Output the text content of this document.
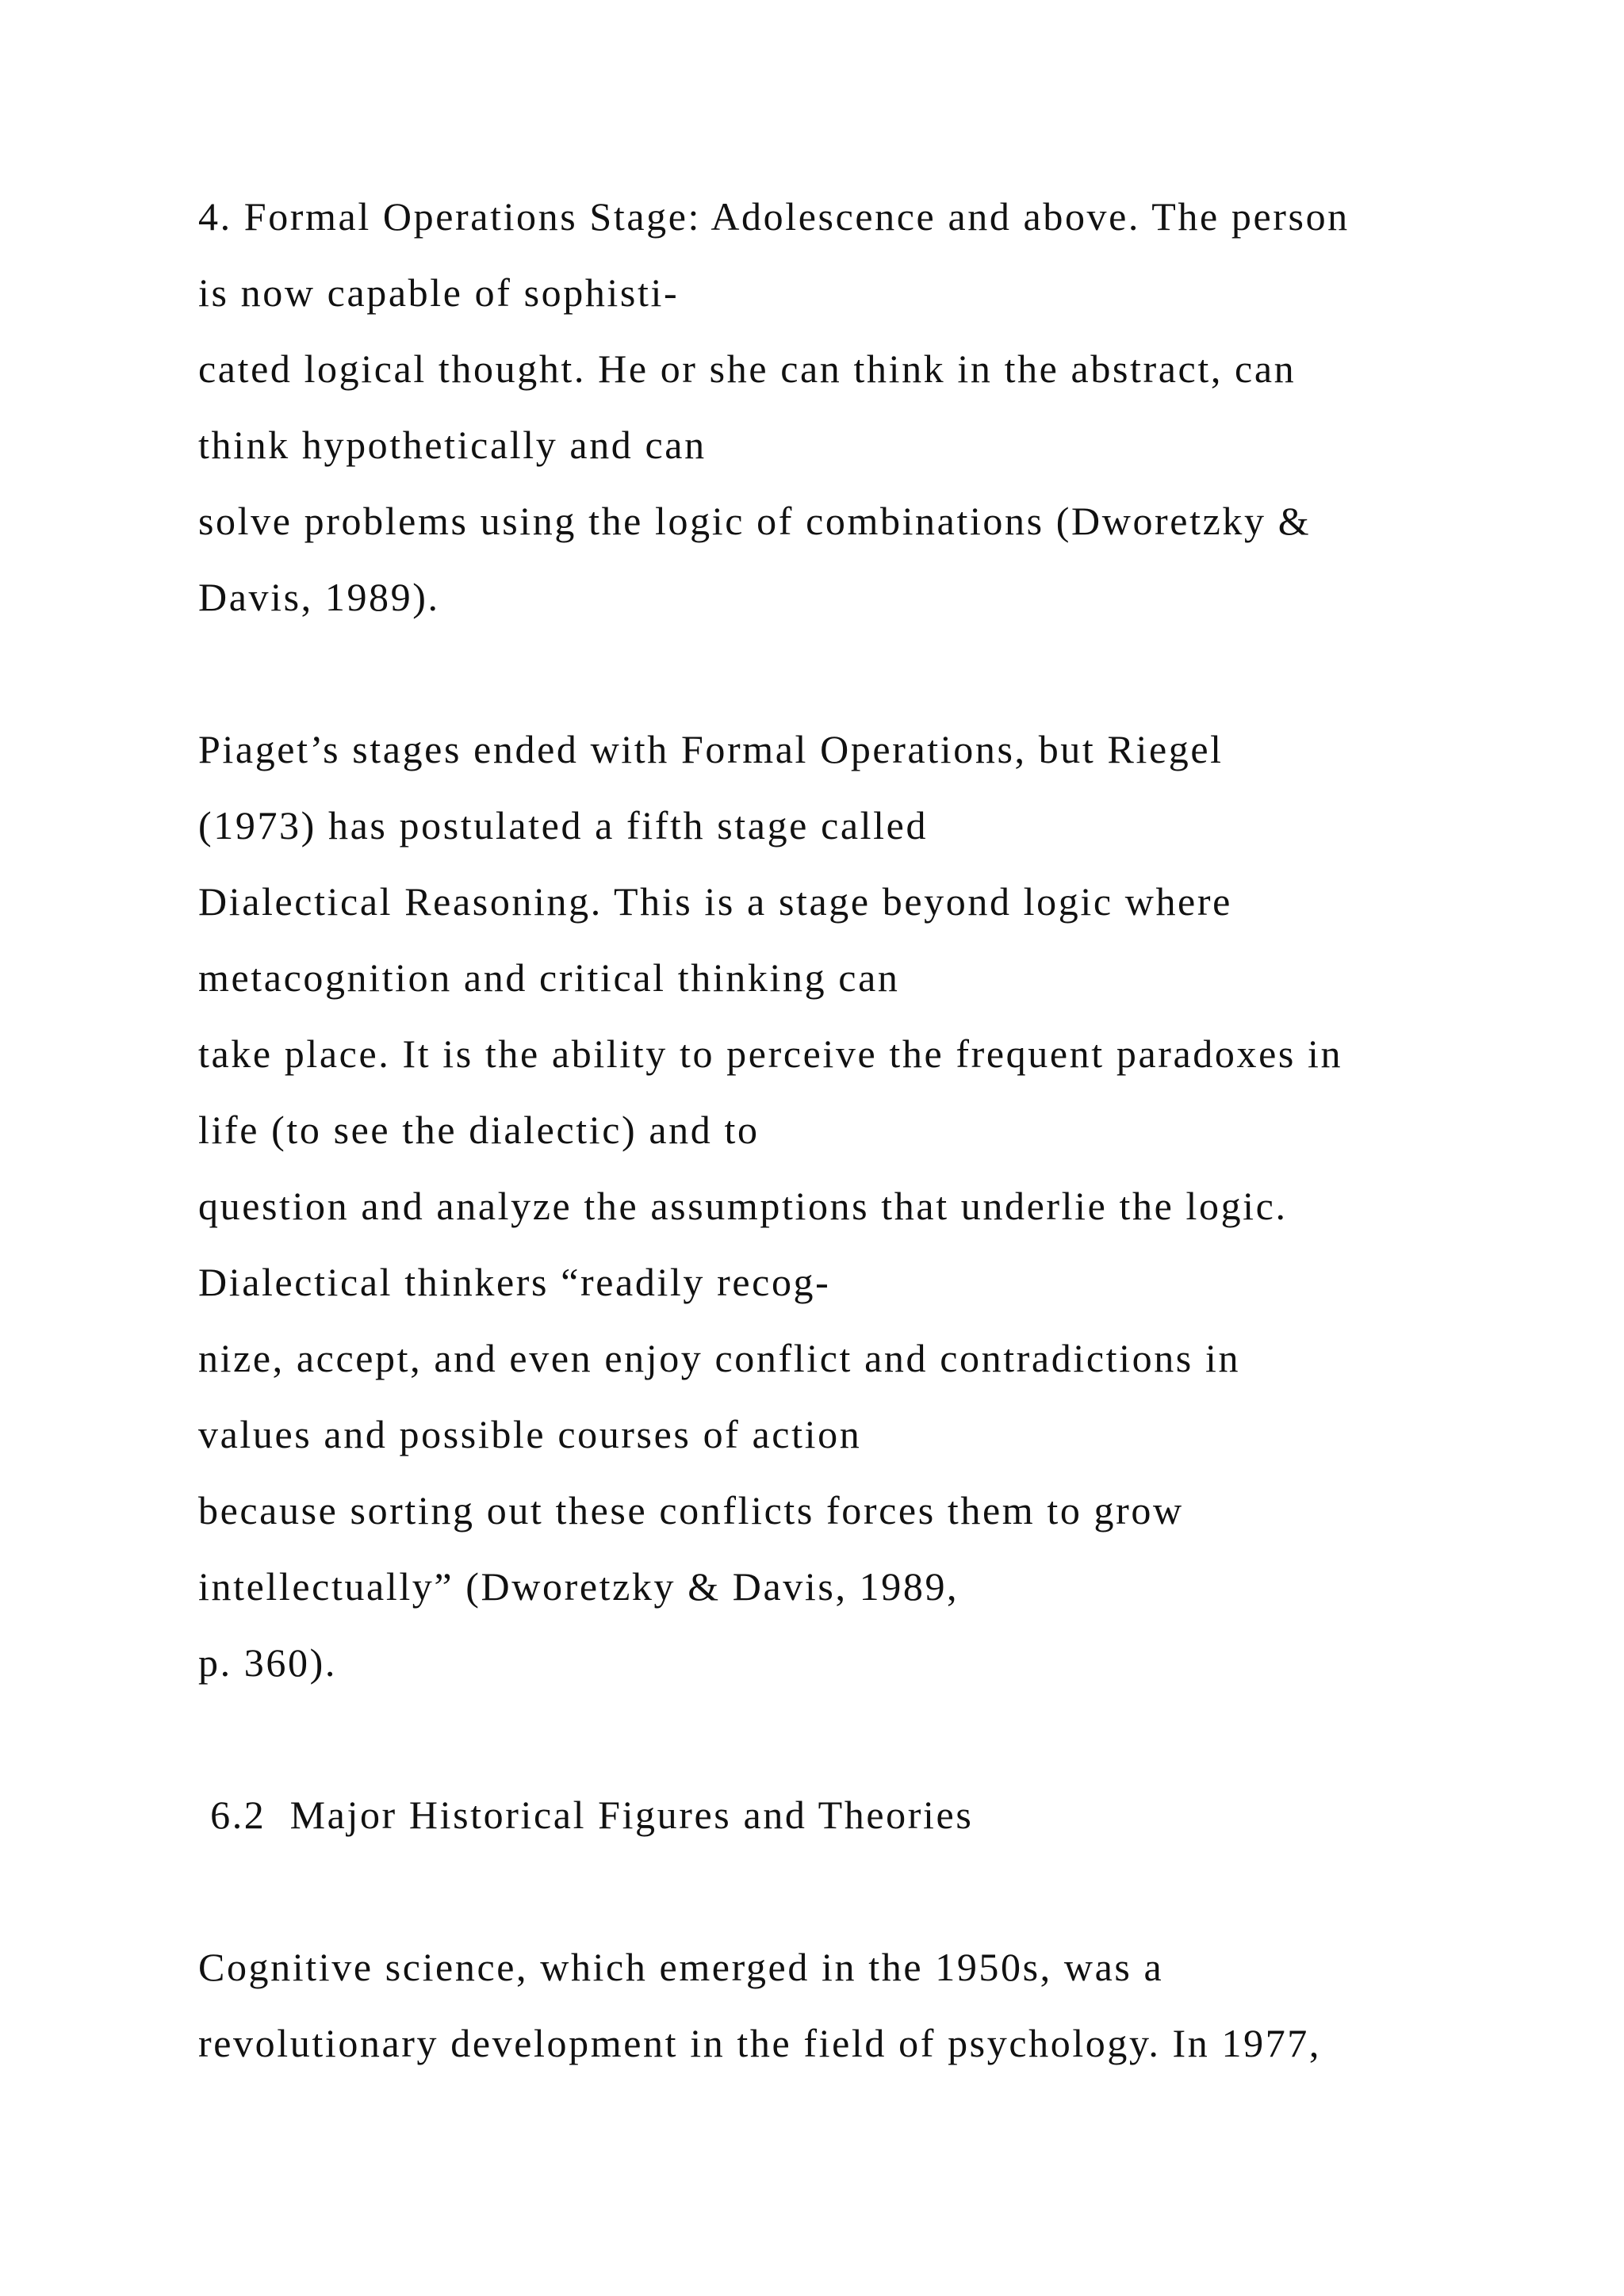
4. Formal Operations Stage: Adolescence and above. The person

is now capable of sophisti-

cated logical thought. He or she can think in the abstract, can

think hypothetically and can

solve problems using the logic of combinations (Dworetzky &

Davis, 1989).

Piaget’s stages ended with Formal Operations, but Riegel

(1973) has postulated a fifth stage called

Dialectical Reasoning. This is a stage beyond logic where

metacognition and critical thinking can

take place. It is the ability to perceive the frequent paradoxes in

life (to see the dialectic) and to

question and analyze the assumptions that underlie the logic.

Dialectical thinkers “readily recog-

nize, accept, and even enjoy conflict and contradictions in

values and possible courses of action

because sorting out these conflicts forces them to grow

intellectually” (Dworetzky & Davis, 1989,

p. 360).

6.2  Major Historical Figures and Theories

Cognitive science, which emerged in the 1950s, was a

revolutionary development in the field of psychology. In 1977,
